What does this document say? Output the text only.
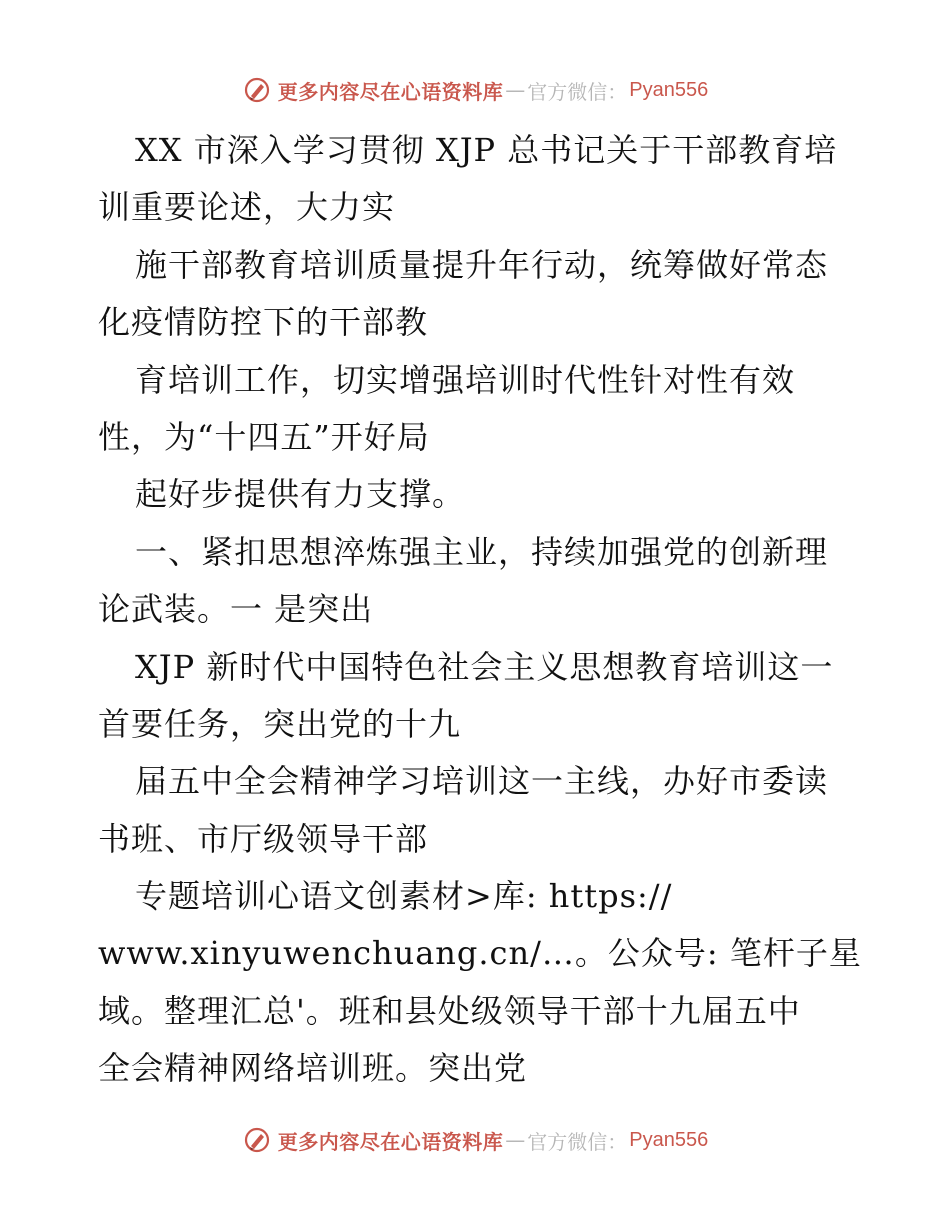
更多内容尽在心语资料库 — 官方微信： Pyan556
XX 市深入学习贯彻 XJP 总书记关于干部教育培
训重要论述，大力实
施干部教育培训质量提升年行动，统筹做好常态
化疫情防控下的干部教
育培训工作，切实增强培训时代性针对性有效
性，为“十四五”开好局
起好步提供有力支撑。
一、紧扣思想淬炼强主业，持续加强党的创新理
论武装。一 是突出
XJP 新时代中国特色社会主义思想教育培训这一
首要任务，突出党的十九
届五中全会精神学习培训这一主线，办好市委读
书班、市厅级领导干部
专题培训心语文创素材>库: https://
www.xinyuwenchuang.cn/…。公众号: 笔杆子星
域。整理汇总'。班和县处级领导干部十九届五中
全会精神网络培训班。突出党
更多内容尽在心语资料库 — 官方微信： Pyan556
